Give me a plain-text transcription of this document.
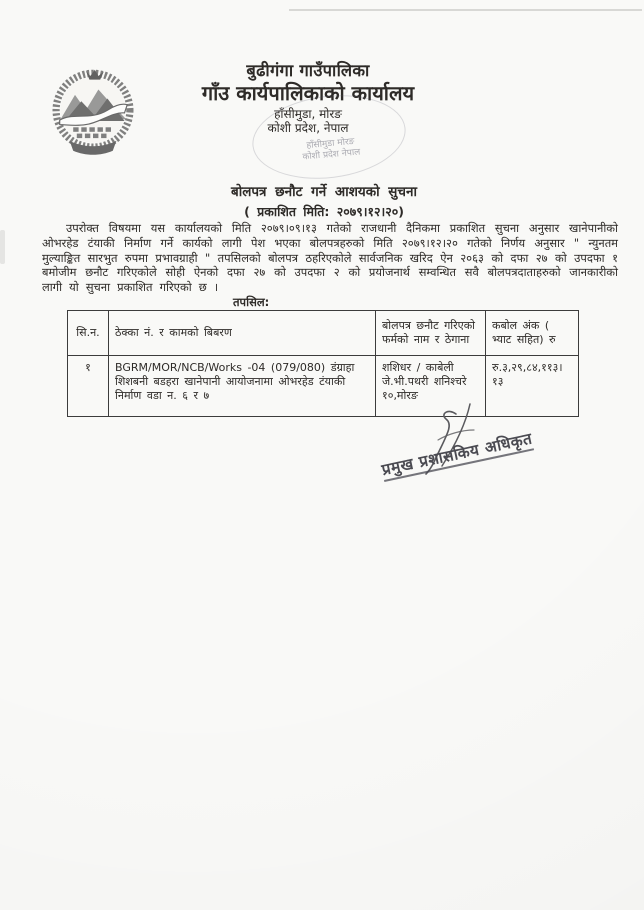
बुढीगंगा गाउँपालिका
गाँउ कार्यपालिकाको कार्यालय
हाँसीमुडा, मोरङ
कोशी प्रदेश, नेपाल
हाँसीमुडा मोरङ
कोशी प्रदेश नेपाल
बोलपत्र छनौट गर्ने आशयको सुचना
( प्रकाशित मिति: २०७९।१२।२०)
उपरोक्त विषयमा यस कार्यालयको मिति २०७९।०९।१३ गतेको राजधानी दैनिकमा प्रकाशित सुचना अनुसार खानेपानीको ओभरहेड टंयाकी निर्माण गर्ने कार्यको लागी पेश भएका बोलपत्रहरुको मिति २०७९।१२।२० गतेको निर्णय अनुसार " न्युनतम मुल्याङ्कित सारभुत रुपमा प्रभावग्राही " तपसिलको बोलपत्र ठहरिएकोले सार्वजनिक खरिद ऐन २०६३ को दफा २७ को उपदफा १ बमोजीम छनौट गरिएकोले सोही ऐनको दफा २७ को उपदफा २ को प्रयोजनार्थ सम्वन्धित सवै बोलपत्रदाताहरुको जानकारीको लागी यो सुचना प्रकाशित गरिएको छ ।
तपसिल:
सि.न.	ठेक्का नं. र कामको बिबरण	बोलपत्र छनौट गरिएको फर्मको नाम र ठेगाना	कबोल अंक ( भ्याट सहित) रु
१	BGRM/MOR/NCB/Works -04 (079/080) डंग्राहा शिशबनी बडहरा खानेपानी आयोजनामा ओभरहेड टंयाकी निर्माण वडा न. ६ र ७	शशिधर / काबेली
जे.भी.पथरी शनिश्चरे
१०,मोरङ	रु.३,२९,८४,११३।१३
प्रमुख प्रशासकिय अधिकृत
